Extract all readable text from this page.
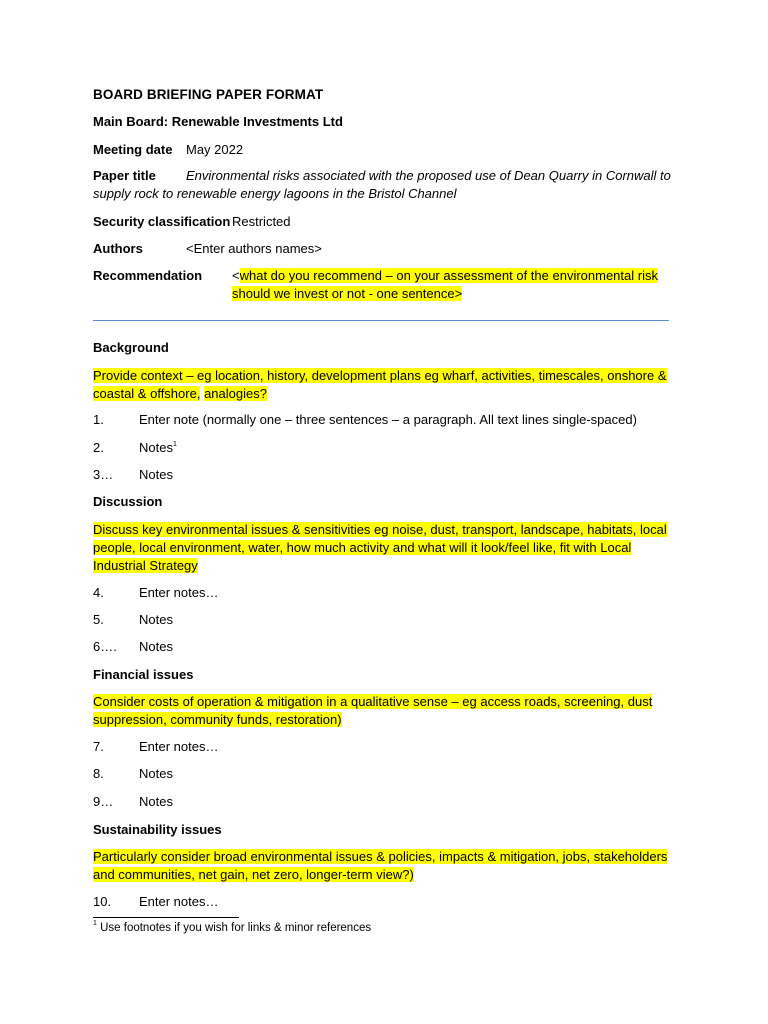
BOARD BRIEFING PAPER FORMAT
Main Board: Renewable Investments Ltd
Meeting date May 2022
Paper title Environmental risks associated with the proposed use of Dean Quarry in Cornwall to
supply rock to renewable energy lagoons in the Bristol Channel
Security classification Restricted
Authors	<Enter authors names>
Recommendation <what do you recommend – on your assessment of the environmental risk
should we invest or not - one sentence>
Background
Provide context – eg location, history, development plans eg wharf, activities, timescales, onshore &
coastal & offshore, analogies?
1.	Enter note (normally one – three sentences – a paragraph. All text lines single-spaced)
2.	Notes$^1$
3… Notes
Discussion
Discuss key environmental issues & sensitivities eg noise, dust, transport, landscape, habitats, local
people, local environment, water, how much activity and what will it look/feel like, fit with Local
Industrial Strategy
4.	Enter notes…
5.	Notes
6…. Notes
Financial issues
Consider costs of operation & mitigation in a qualitative sense – eg access roads, screening, dust
suppression, community funds, restoration)
7.	Enter notes…
8.	Notes
9… Notes
Sustainability issues
Particularly consider broad environmental issues & policies, impacts & mitigation, jobs, stakeholders
and communities, net gain, net zero, longer-term view?)
10. Enter notes…
$^1$ Use footnotes if you wish for links & minor references
